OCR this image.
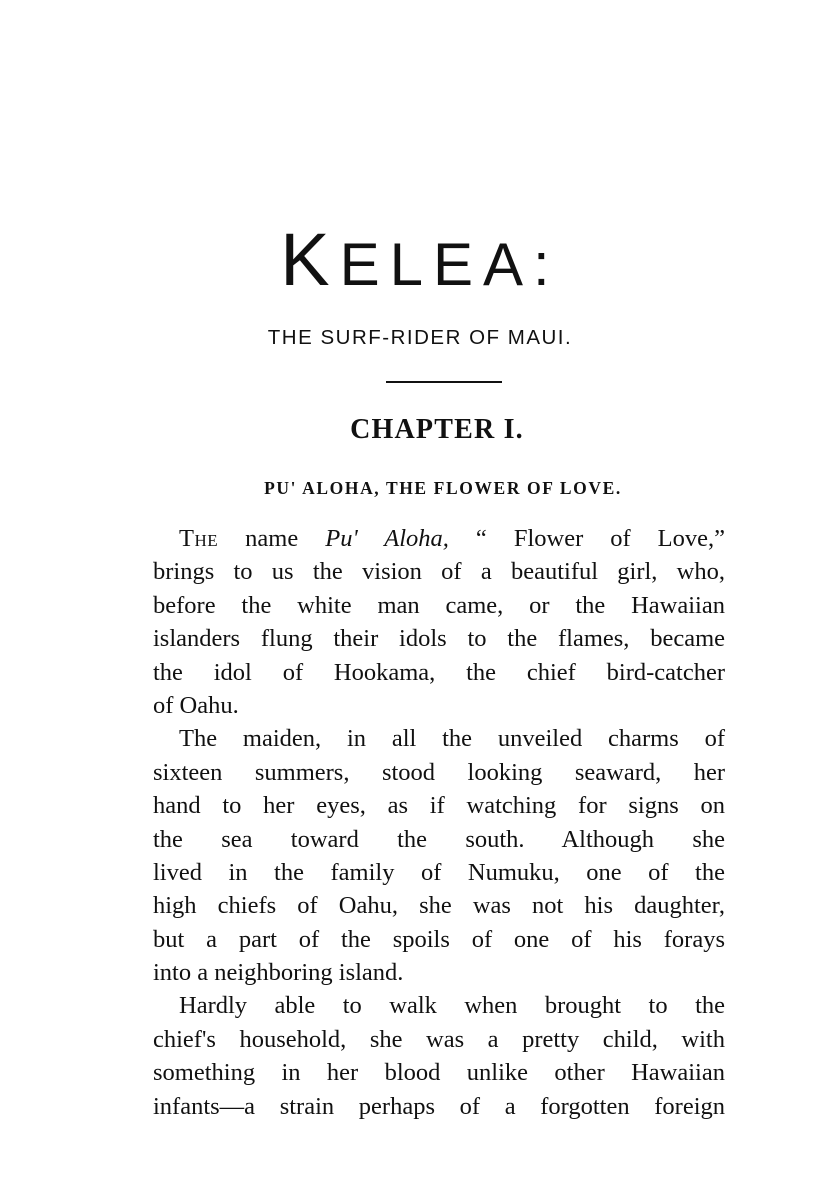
KELEA:

THE SURF-RIDER OF MAUI.

CHAPTER I.
PU' ALOHA, THE FLOWER OF LOVE.
The name Pu' Aloha, “ Flower of Love,”
brings to us the vision of a beautiful girl, who,
before the white man came, or the Hawaiian
islanders flung their idols to the flames, became
the idol of Hookama, the chief bird-catcher
of Oahu.
The maiden, in all the unveiled charms of
sixteen summers, stood looking seaward, her
hand to her eyes, as if watching for signs on
the sea toward the south. Although she
lived in the family of Numuku, one of the
high chiefs of Oahu, she was not his daughter,
but a part of the spoils of one of his forays
into a neighboring island.
Hardly able to walk when brought to the
chief's household, she was a pretty child, with
something in her blood unlike other Hawaiian
infants—a strain perhaps of a forgotten foreign
